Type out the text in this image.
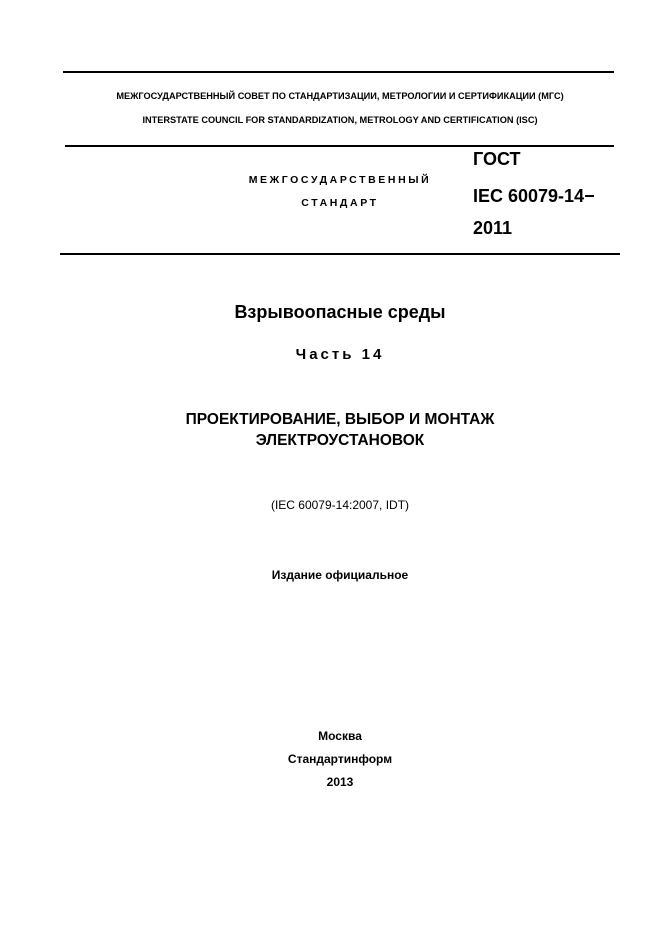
МЕЖГОСУДАРСТВЕННЫЙ СОВЕТ ПО СТАНДАРТИЗАЦИИ, МЕТРОЛОГИИ И СЕРТИФИКАЦИИ (МГС)
INTERSTATE COUNCIL FOR STANDARDIZATION, METROLOGY AND CERTIFICATION (ISC)
МЕЖГОСУДАРСТВЕННЫЙ
СТАНДАРТ
ГОСТ
IEC 60079-14−
2011
Взрывоопасные среды
Часть 14
ПРОЕКТИРОВАНИЕ, ВЫБОР И МОНТАЖ
ЭЛЕКТРОУСТАНОВОК
(IEC 60079-14:2007, IDT)
Издание официальное
Москва
Стандартинформ
2013
